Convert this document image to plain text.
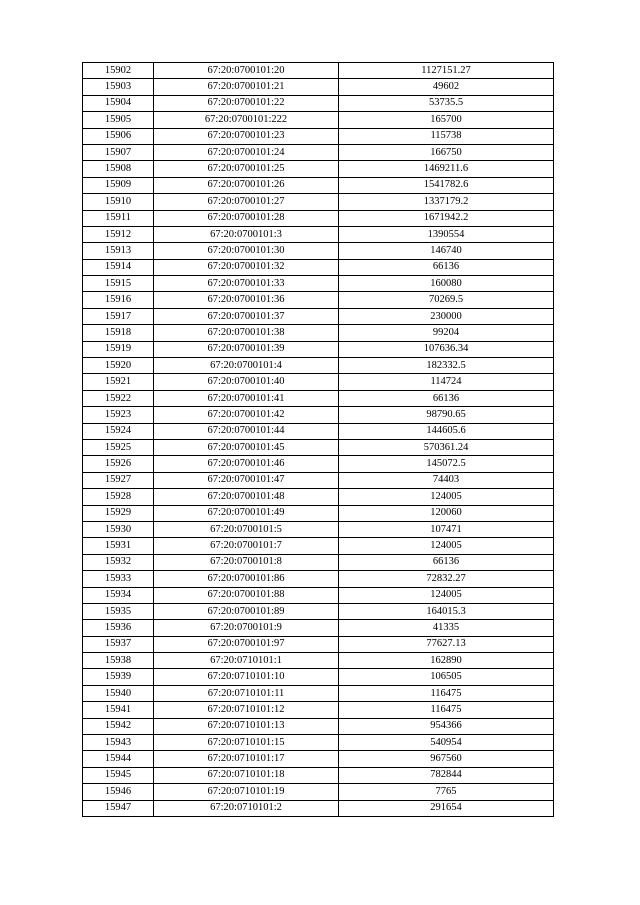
15902	67:20:0700101:20	1127151.27
15903	67:20:0700101:21	49602
15904	67:20:0700101:22	53735.5
15905	67:20:0700101:222	165700
15906	67:20:0700101:23	115738
15907	67:20:0700101:24	166750
15908	67:20:0700101:25	1469211.6
15909	67:20:0700101:26	1541782.6
15910	67:20:0700101:27	1337179.2
15911	67:20:0700101:28	1671942.2
15912	67:20:0700101:3	1390554
15913	67:20:0700101:30	146740
15914	67:20:0700101:32	66136
15915	67:20:0700101:33	160080
15916	67:20:0700101:36	70269.5
15917	67:20:0700101:37	230000
15918	67:20:0700101:38	99204
15919	67:20:0700101:39	107636.34
15920	67:20:0700101:4	182332.5
15921	67:20:0700101:40	114724
15922	67:20:0700101:41	66136
15923	67:20:0700101:42	98790.65
15924	67:20:0700101:44	144605.6
15925	67:20:0700101:45	570361.24
15926	67:20:0700101:46	145072.5
15927	67:20:0700101:47	74403
15928	67:20:0700101:48	124005
15929	67:20:0700101:49	120060
15930	67:20:0700101:5	107471
15931	67:20:0700101:7	124005
15932	67:20:0700101:8	66136
15933	67:20:0700101:86	72832.27
15934	67:20:0700101:88	124005
15935	67:20:0700101:89	164015.3
15936	67:20:0700101:9	41335
15937	67:20:0700101:97	77627.13
15938	67:20:0710101:1	162890
15939	67:20:0710101:10	106505
15940	67:20:0710101:11	116475
15941	67:20:0710101:12	116475
15942	67:20:0710101:13	954366
15943	67:20:0710101:15	540954
15944	67:20:0710101:17	967560
15945	67:20:0710101:18	782844
15946	67:20:0710101:19	7765
15947	67:20:0710101:2	291654
